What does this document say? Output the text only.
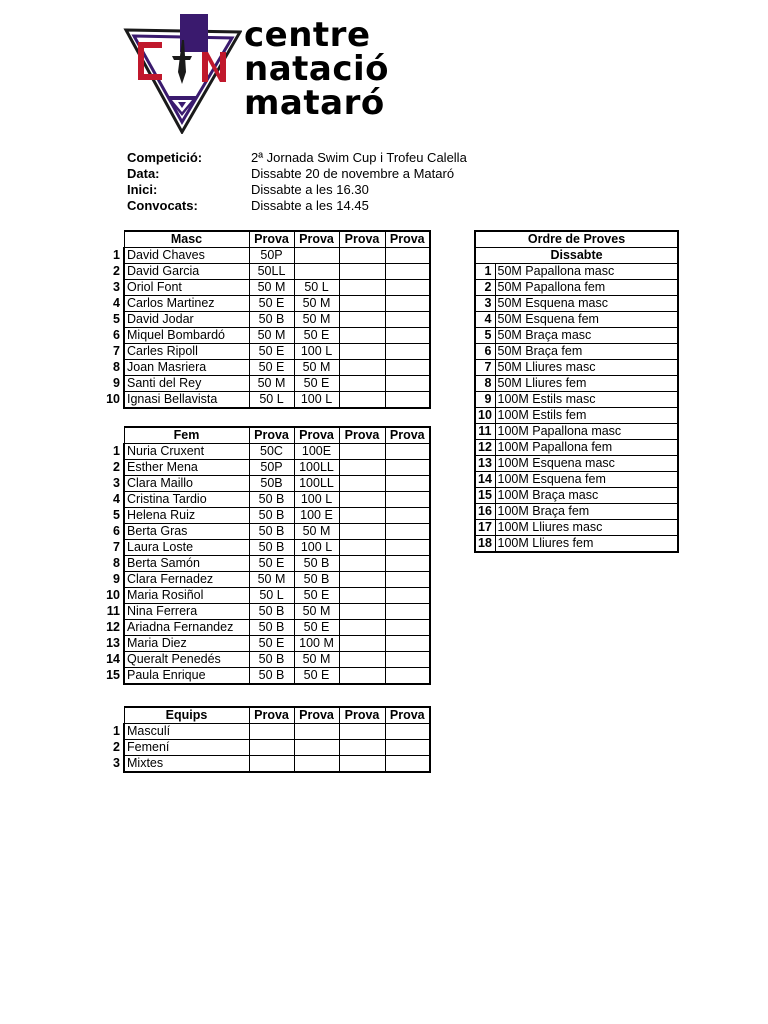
centre
natació
mataró
Competició:	2ª Jornada Swim Cup i Trofeu Calella
Data:	Dissabte 20 de novembre a Mataró
Inici:	Dissabte a les 16.30
Convocats:	Dissabte a les 14.45
	Masc	Prova	Prova	Prova	Prova
1	David Chaves	50P			
2	David Garcia	50LL			
3	Oriol Font	50 M	50 L		
4	Carlos Martinez	50 E	50 M		
5	David Jodar	50 B	50 M		
6	Miquel Bombardó	50 M	50 E		
7	Carles Ripoll	50 E	100 L		
8	Joan Masriera	50 E	50 M		
9	Santi del Rey	50 M	50 E		
10	Ignasi Bellavista	50 L	100 L		
	Fem	Prova	Prova	Prova	Prova
1	Nuria Cruxent	50C	100E		
2	Esther Mena	50P	100LL		
3	Clara Maillo	50B	100LL		
4	Cristina Tardio	50 B	100 L		
5	Helena Ruiz	50 B	100 E		
6	Berta Gras	50 B	50 M		
7	Laura Loste	50 B	100 L		
8	Berta Samón	50 E	50 B		
9	Clara Fernadez	50 M	50 B		
10	Maria Rosiñol	50 L	50 E		
11	Nina Ferrera	50 B	50 M		
12	Ariadna Fernandez	50 B	50 E		
13	Maria Diez	50 E	100 M		
14	Queralt Penedés	50 B	50 M		
15	Paula Enrique	50 B	50 E		
	Equips	Prova	Prova	Prova	Prova
1	Masculí				
2	Femení				
3	Mixtes				
Ordre de Proves	
Dissabte	
1	50M Papallona masc
2	50M Papallona fem
3	50M Esquena masc
4	50M Esquena fem
5	50M Braça masc
6	50M Braça fem
7	50M Lliures masc
8	50M Lliures fem
9	100M Estils masc
10	100M Estils fem
11	100M Papallona masc
12	100M Papallona fem
13	100M Esquena masc
14	100M Esquena fem
15	100M Braça masc
16	100M Braça fem
17	100M Lliures masc
18	100M Lliures fem
